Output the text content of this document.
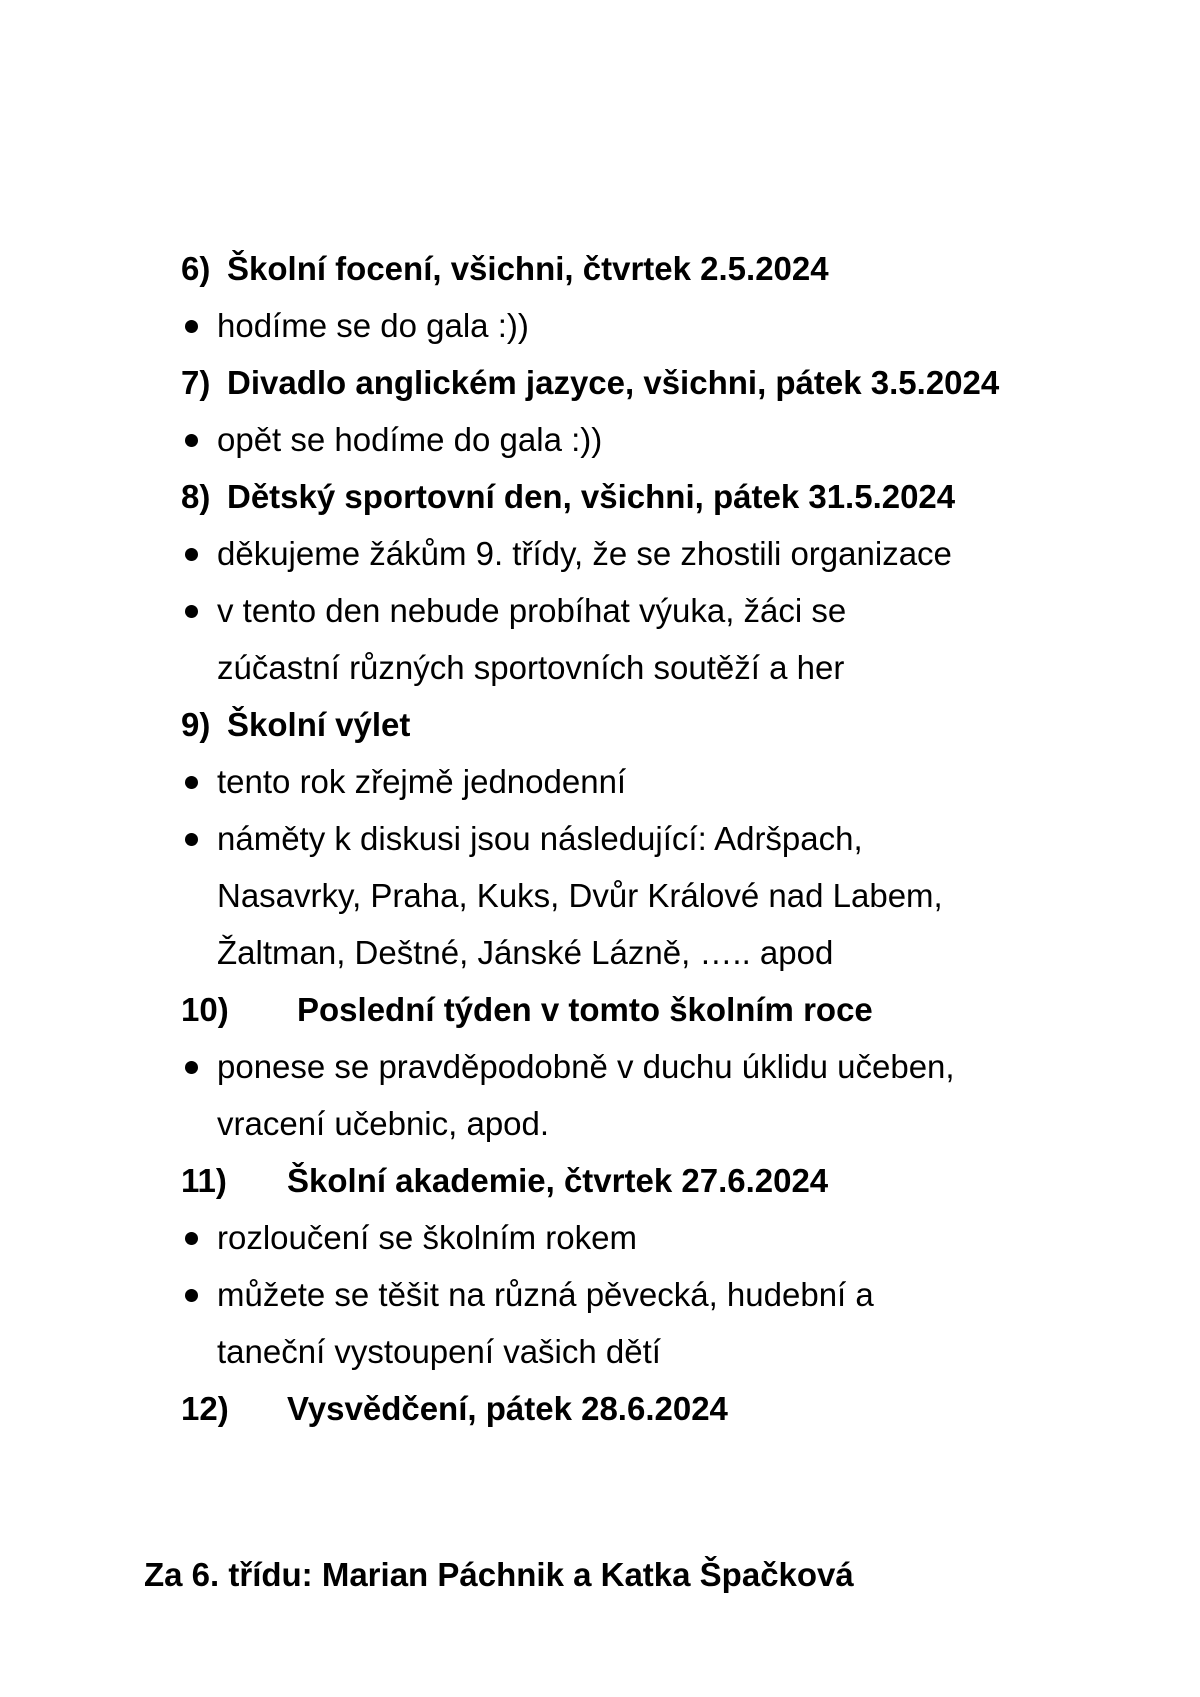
6) Školní focení, všichni, čtvrtek 2.5.2024
hodíme se do gala :))
7) Divadlo anglickém jazyce, všichni, pátek 3.5.2024
opět se hodíme do gala :))
8) Dětský sportovní den, všichni, pátek 31.5.2024
děkujeme žákům 9. třídy, že se zhostili organizace
v tento den nebude probíhat výuka, žáci se
zúčastní různých sportovních soutěží a her
9) Školní výlet
tento rok zřejmě jednodenní
náměty k diskusi jsou následující: Adršpach,
Nasavrky, Praha, Kuks, Dvůr Králové nad Labem,
Žaltman, Deštné, Jánské Lázně, ….. apod
10)	Poslední týden v tomto školním roce
ponese se pravděpodobně v duchu úklidu učeben,
vracení učebnic, apod.
11)	Školní akademie, čtvrtek 27.6.2024
rozloučení se školním rokem
můžete se těšit na různá pěvecká, hudební a
taneční vystoupení vašich dětí
12)	Vysvědčení, pátek 28.6.2024
Za 6. třídu: Marian Páchnik a Katka Špačková
